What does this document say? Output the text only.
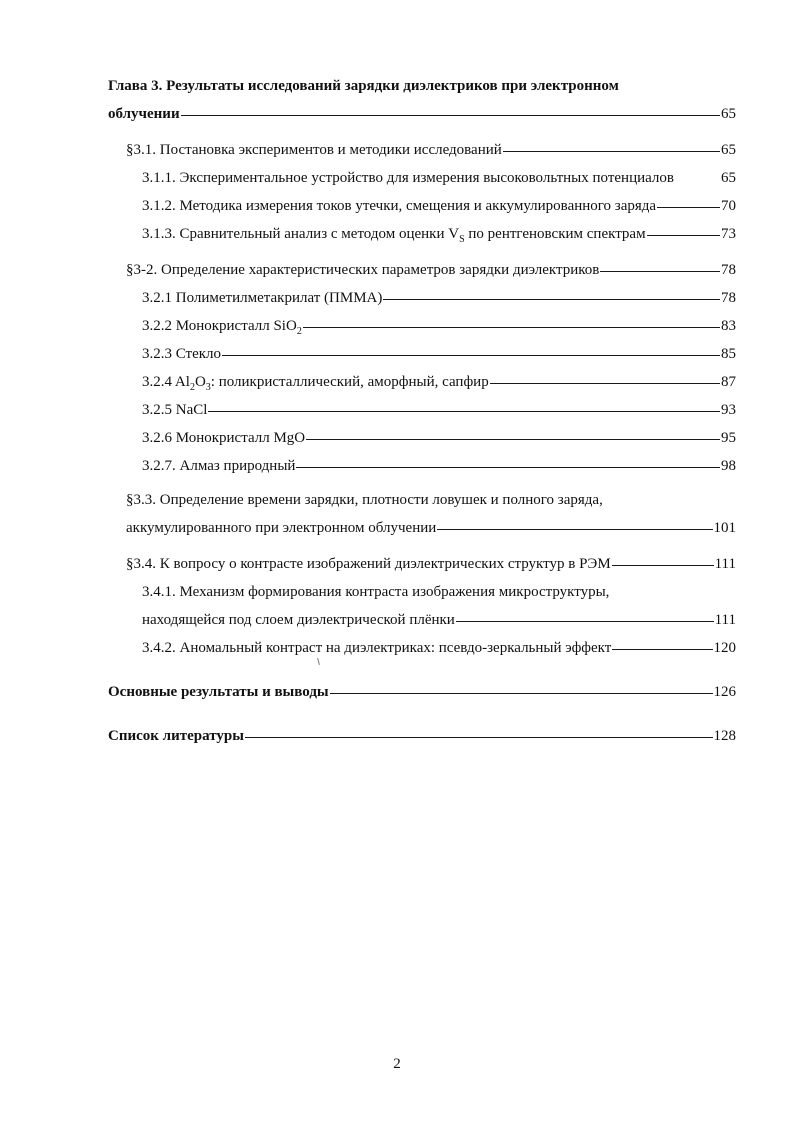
Глава 3. Результаты исследований зарядки диэлектриков при электронном
облучении	65
§3.1. Постановка экспериментов и методики исследований	65
3.1.1. Экспериментальное устройство для измерения высоковольтных потенциалов	65
3.1.2. Методика измерения токов утечки, смещения и аккумулированного заряда	70
3.1.3. Сравнительный анализ с методом оценки $V_S$ по рентгеновским спектрам	73
§3-2. Определение характеристических параметров зарядки диэлектриков	78
3.2.1 Полиметилметакрилат (ПММА)	78
3.2.2 Монокристалл SiO$_2$	83
3.2.3 Стекло	85
3.2.4 $Al_2O_3$: поликристаллический, аморфный, сапфир	87
3.2.5 NaCl	93
3.2.6 Монокристалл MgO	95
3.2.7. Алмаз природный	98
§3.3. Определение времени зарядки, плотности ловушек и полного заряда,
аккумулированного при электронном облучении	101
§3.4. К вопросу о контрасте изображений диэлектрических структур в РЭМ	111
3.4.1. Механизм формирования контраста изображения микроструктуры,
находящейся под слоем диэлектрической плёнки	111
3.4.2. Аномальный контраст на диэлектриках: псевдо-зеркальный эффект	120
Основные результаты и выводы	126
Список литературы	128
2
